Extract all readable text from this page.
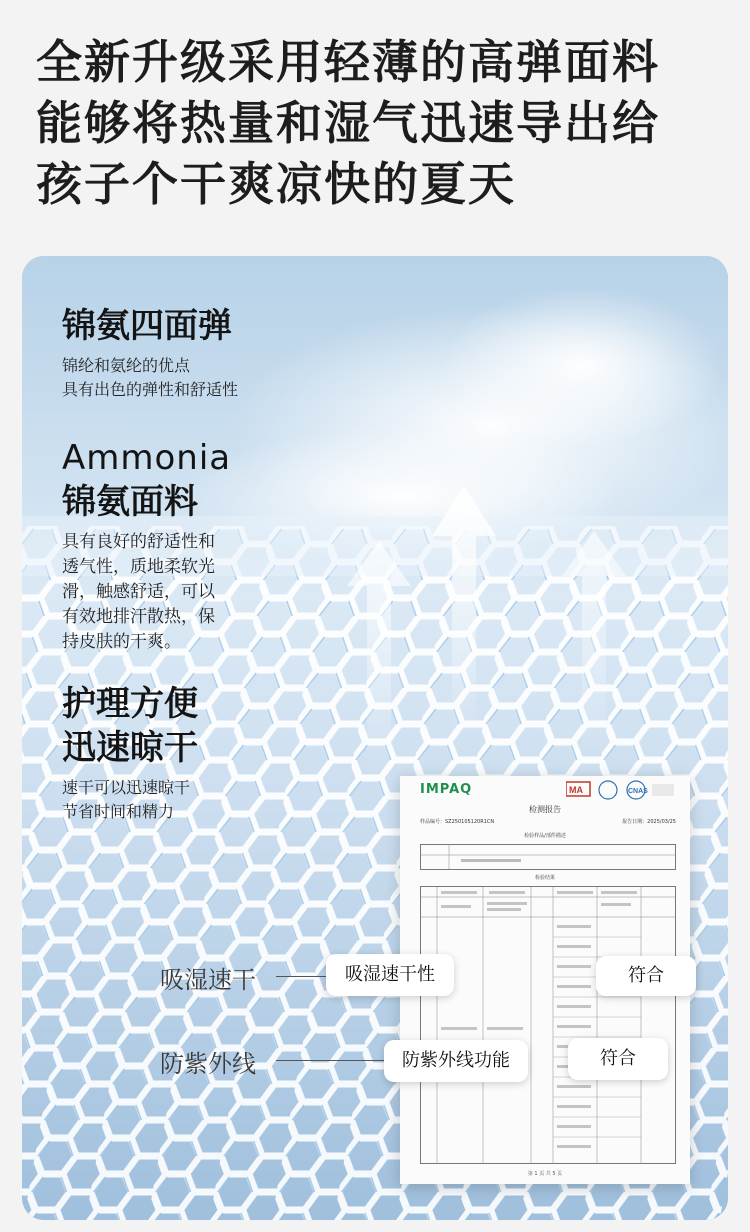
全新升级采用轻薄的高弹面料
能够将热量和湿气迅速导出给
孩子个干爽凉快的夏天
锦氨四面弹
锦纶和氨纶的优点
具有出色的弹性和舒适性
Ammonia
锦氨面料
具有良好的舒适性和
透气性，质地柔软光
滑，触感舒适，可以
有效地排汗散热，保
持皮肤的干爽。
护理方便
迅速晾干
速干可以迅速晾干
节省时间和精力
IMPAQ	MA	CNAS
检测报告
样品编号：SZ2501051​20R1CN	报告日期：2025/03/25
检验样品/部件描述
检验结果
第 1 页 共 5 页
吸湿速干	吸湿速干性	符合
防紫外线	防紫外线功能	符合
